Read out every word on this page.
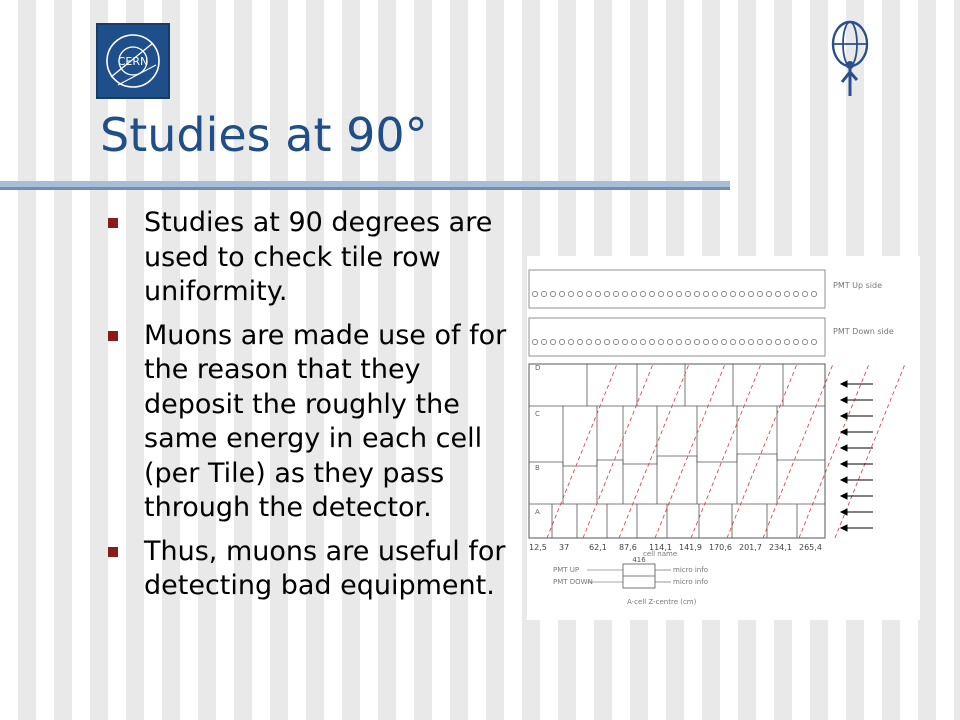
CERN
Studies at 90°
Studies at 90 degrees are used to check tile row uniformity.
Muons are made use of for the reason that they deposit the roughly the same energy in each cell (per Tile) as they pass through the detector.
Thus, muons are useful for detecting bad equipment.
PMT Up side
PMT Down side
D
C
B
A
12,5 37 62,1 87,6 114,1 141,9 170,6 201,7 234,1 265,4
416
cell name
PMT UP
PMT DOWN
micro info
micro info
A-cell Z-centre (cm)
